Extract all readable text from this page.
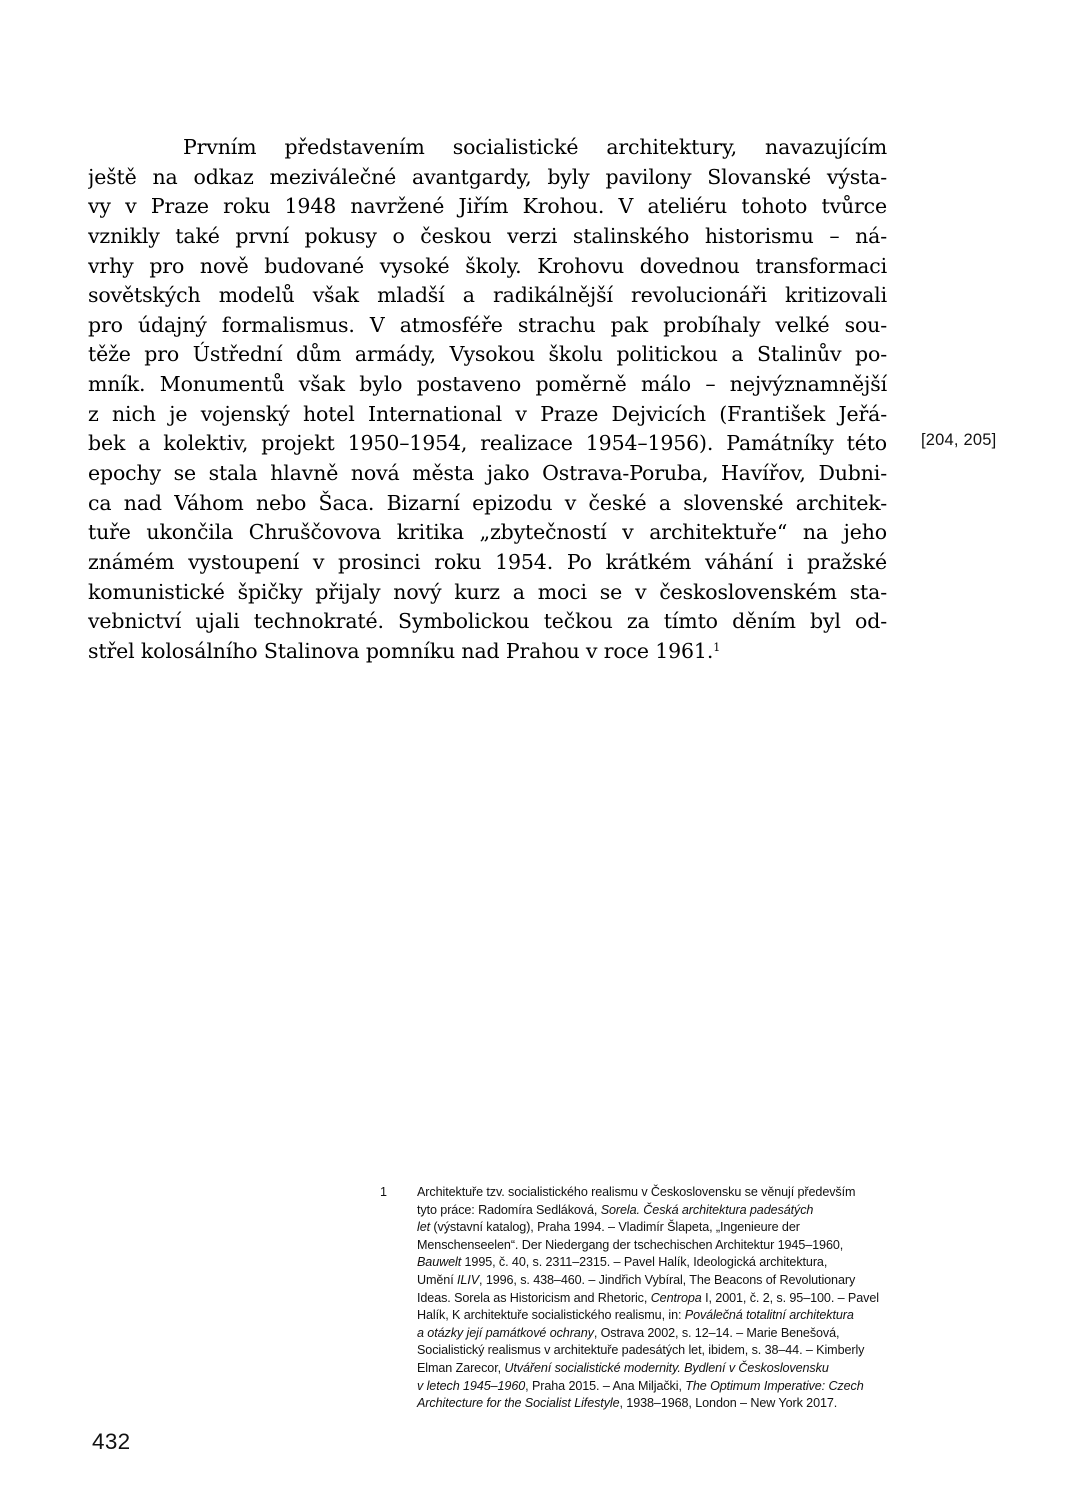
Prvním představením socialistické architektury, navazujícím
ještě na odkaz meziválečné avantgardy, byly pavilony Slovanské výsta-
vy v Praze roku 1948 navržené Jiřím Krohou. V ateliéru tohoto tvůrce
vznikly také první pokusy o českou verzi stalinského historismu – ná-
vrhy pro nově budované vysoké školy. Krohovu dovednou transformaci
sovětských modelů však mladší a radikálnější revolucionáři kritizovali
pro údajný formalismus. V atmosféře strachu pak probíhaly velké sou-
těže pro Ústřední dům armády, Vysokou školu politickou a Stalinův po-
mník. Monumentů však bylo postaveno poměrně málo – nejvýznamnější
z nich je vojenský hotel International v Praze Dejvicích (František Jeřá-
bek a kolektiv, projekt 1950–1954, realizace 1954–1956). Památníky této
epochy se stala hlavně nová města jako Ostrava-Poruba, Havířov, Dubni-
ca nad Váhom nebo Šaca. Bizarní epizodu v české a slovenské architek-
tuře ukončila Chruščovova kritika „zbytečností v architektuře“ na jeho
známém vystoupení v prosinci roku 1954. Po krátkém váhání i pražské
komunistické špičky přijaly nový kurz a moci se v československém sta-
vebnictví ujali technokraté. Symbolickou tečkou za tímto děním byl od-
střel kolosálního Stalinova pomníku nad Prahou v roce 1961.$^1$
[204, 205]
1 Architektuře tzv. socialistického realismu v Československu se věnují především
tyto práce: Radomíra Sedláková, Sorela. Česká architektura padesátých
let (výstavní katalog), Praha 1994. – Vladimír Šlapeta, „Ingenieure der
Menschenseelen“. Der Niedergang der tschechischen Architektur 1945–1960,
Bauwelt 1995, č. 40, s. 2311–2315. – Pavel Halík, Ideologická architektura,
Umění ILIV, 1996, s. 438–460. – Jindřich Vybíral, The Beacons of Revolutionary
Ideas. Sorela as Historicism and Rhetoric, Centropa I, 2001, č. 2, s. 95–100. – Pavel
Halík, K architektuře socialistického realismu, in: Poválečná totalitní architektura
a otázky její památkové ochrany, Ostrava 2002, s. 12–14. – Marie Benešová,
Socialistický realismus v architektuře padesátých let, ibidem, s. 38–44. – Kimberly
Elman Zarecor, Utváření socialistické modernity. Bydlení v Československu
v letech 1945–1960, Praha 2015. – Ana Miljački, The Optimum Imperative: Czech
Architecture for the Socialist Lifestyle, 1938–1968, London – New York 2017.
432
